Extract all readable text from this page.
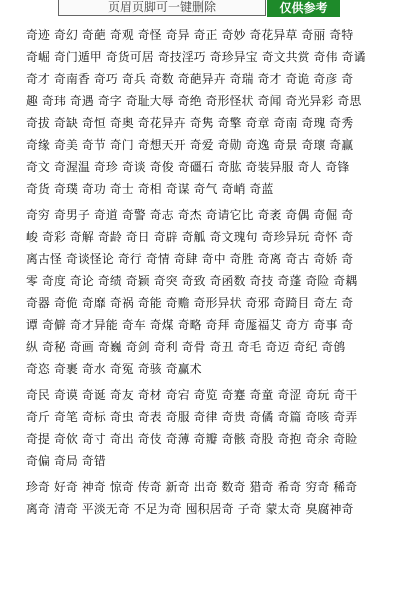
页眉页脚可一键删除	仅供参考
奇迹 奇幻 奇葩 奇观 奇怪 奇异 奇正 奇妙 奇花异草 奇丽 奇特
奇崛 奇门遁甲 奇货可居 奇技淫巧 奇珍异宝 奇文共赏 奇伟 奇谲
奇才 奇南香 奇巧 奇兵 奇数 奇葩异卉 奇瑞 奇才 奇诡 奇彦 奇
趣 奇玮 奇遇 奇字 奇耻大辱 奇绝 奇形怪状 奇闻 奇光异彩 奇思
奇拔 奇缺 奇恒 奇奥 奇花异卉 奇隽 奇擎 奇章 奇南 奇瑰 奇秀
奇缘 奇美 奇节 奇门 奇想天开 奇爱 奇勋 奇逸 奇景 奇瓌 奇赢
奇文 奇渥温 奇珍 奇谈 奇俊 奇礓石 奇肱 奇装异服 奇人 奇锋
奇货 奇璞 奇功 奇士 奇相 奇谋 奇气 奇峭 奇蓝
奇穷 奇男子 奇道 奇警 奇志 奇杰 奇请它比 奇袤 奇偶 奇倔 奇
峻 奇彩 奇解 奇龄 奇日 奇辟 奇觚 奇文瑰句 奇珍异玩 奇怀 奇
离古怪 奇谈怪论 奇行 奇情 奇肆 奇中 奇胜 奇离 奇古 奇娇 奇
零 奇度 奇论 奇绩 奇颖 奇突 奇致 奇函数 奇技 奇蓬 奇险 奇耦
奇器 奇佹 奇靡 奇祸 奇能 奇赡 奇形异状 奇邪 奇踦目 奇左 奇
谭 奇僻 奇才异能 奇车 奇煤 奇略 奇拜 奇厖福艾 奇方 奇事 奇
纵 奇秘 奇画 奇巍 奇剑 奇利 奇骨 奇丑 奇毛 奇迈 奇纪 奇鸧
奇恣 奇裹 奇水 奇冤 奇骇 奇赢术
奇民 奇谟 奇诞 奇友 奇材 奇宕 奇览 奇蹇 奇童 奇涩 奇玩 奇干
奇斤 奇笔 奇标 奇虫 奇表 奇服 奇律 奇贵 奇僪 奇篇 奇咳 奇弄
奇提 奇佽 奇寸 奇出 奇伎 奇薄 奇瓣 奇骸 奇股 奇抱 奇余 奇睑
奇偏 奇局 奇错
珍奇 好奇 神奇 惊奇 传奇 新奇 出奇 数奇 猎奇 希奇 穷奇 稀奇
离奇 清奇 平淡无奇 不足为奇 囤积居奇 子奇 蒙太奇 臭腐神奇
